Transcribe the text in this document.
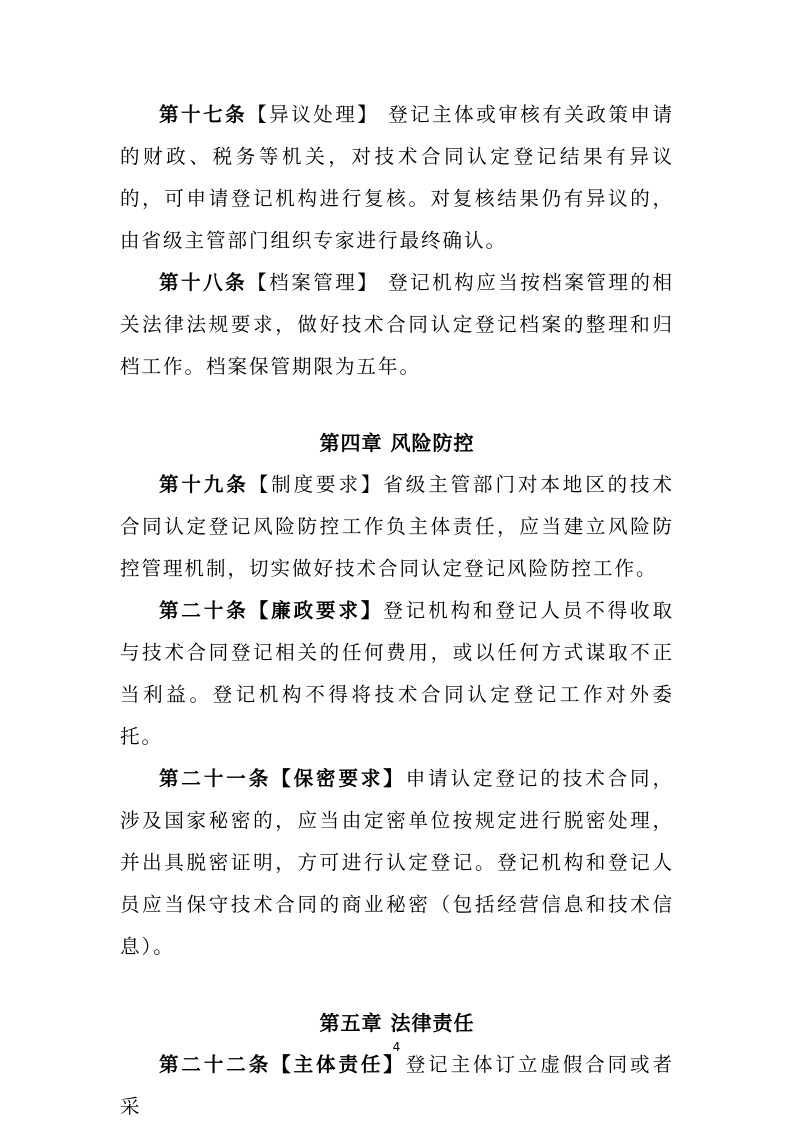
第十七条【异议处理】 登记主体或审核有关政策申请的财政、税务等机关，对技术合同认定登记结果有异议的，可申请登记机构进行复核。对复核结果仍有异议的，由省级主管部门组织专家进行最终确认。

第十八条【档案管理】 登记机构应当按档案管理的相关法律法规要求，做好技术合同认定登记档案的整理和归档工作。档案保管期限为五年。

第四章 风险防控

第十九条【制度要求】省级主管部门对本地区的技术合同认定登记风险防控工作负主体责任，应当建立风险防控管理机制，切实做好技术合同认定登记风险防控工作。

第二十条【廉政要求】登记机构和登记人员不得收取与技术合同登记相关的任何费用，或以任何方式谋取不正当利益。登记机构不得将技术合同认定登记工作对外委托。

第二十一条【保密要求】申请认定登记的技术合同，涉及国家秘密的，应当由定密单位按规定进行脱密处理，并出具脱密证明，方可进行认定登记。登记机构和登记人员应当保守技术合同的商业秘密（包括经营信息和技术信息）。

第五章 法律责任

第二十二条【主体责任】登记主体订立虚假合同或者采

4
